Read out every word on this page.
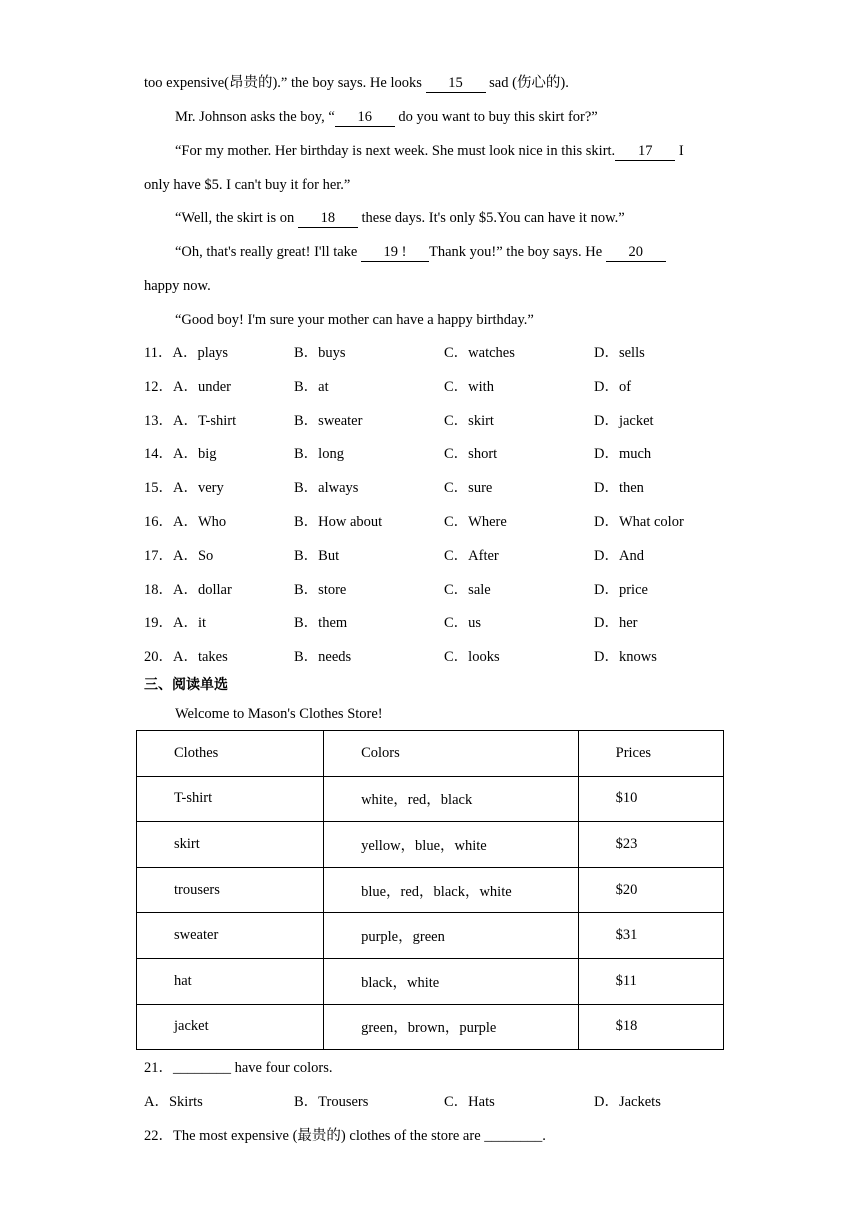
too expensive(昂贵的).” the boy says. He looks 15 sad (伤心的).
Mr. Johnson asks the boy, “ 16 do you want to buy this skirt for?”
“For my mother. Her birthday is next week. She must look nice in this skirt. 17 I
only have $5. I can't buy it for her.”
“Well, the skirt is on 18 these days. It's only $5.You can have it now.”
“Oh, that's really great! I'll take 19 ! Thank you!” the boy says. He 20
happy now.
“Good boy! I'm sure your mother can have a happy birthday.”
11．A．plays	B．buys	C．watches	D．sells
12．A．under	B．at	C．with	D．of
13．A．T-shirt	B．sweater	C．skirt	D．jacket
14．A．big	B．long	C．short	D．much
15．A．very	B．always	C．sure	D．then
16．A．Who	B．How about	C．Where	D．What color
17．A．So	B．But	C．After	D．And
18．A．dollar	B．store	C．sale	D．price
19．A．it	B．them	C．us	D．her
20．A．takes	B．needs	C．looks	D．knows
三、阅读单选
Welcome to Mason's Clothes Store!
Clothes	Colors	Prices
T-shirt	white，red，black	$10
skirt	yellow，blue，white	$23
trousers	blue，red，black，white	$20
sweater	purple，green	$31
hat	black，white	$11
jacket	green，brown，purple	$18
21．________ have four colors.
A．Skirts	B．Trousers	C．Hats	D．Jackets
22．The most expensive (最贵的) clothes of the store are ________.
